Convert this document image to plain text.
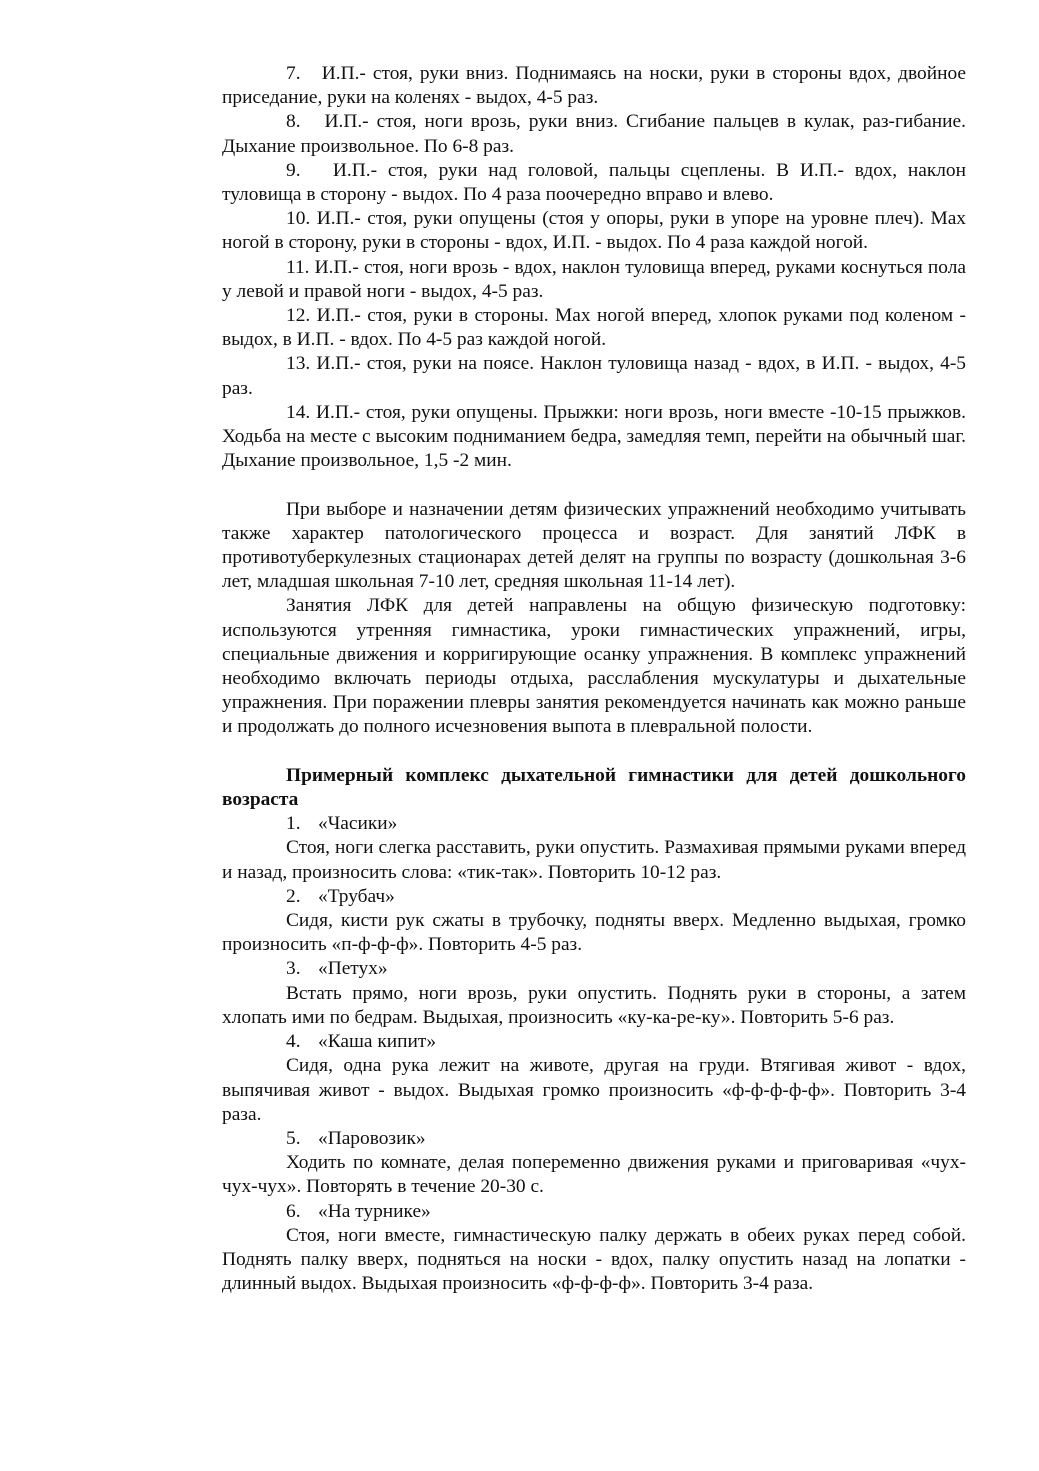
7.   И.П.- стоя, руки вниз. Поднимаясь на носки, руки в стороны вдох, двойное приседание, руки на коленях - выдох, 4-5 раз.

8.   И.П.- стоя, ноги врозь, руки вниз. Сгибание пальцев в кулак, раз-гибание. Дыхание произвольное. По 6-8 раз.

9.   И.П.- стоя, руки над головой, пальцы сцеплены. В И.П.- вдох, наклон туловища в сторону - выдох. По 4 раза поочередно вправо и влево.

10. И.П.- стоя, руки опущены (стоя у опоры, руки в упоре на уровне плеч). Мах ногой в сторону, руки в стороны - вдох, И.П. - выдох. По 4 раза каждой ногой.

11. И.П.- стоя, ноги врозь - вдох, наклон туловища вперед, руками коснуться пола у левой и правой ноги - выдох, 4-5 раз.

12. И.П.- стоя, руки в стороны. Мах ногой вперед, хлопок руками под коленом - выдох, в И.П. - вдох. По 4-5 раз каждой ногой.

13. И.П.- стоя, руки на поясе. Наклон туловища назад - вдох, в И.П. - выдох, 4-5 раз.

14. И.П.- стоя, руки опущены. Прыжки: ноги врозь, ноги вместе -10-15 прыжков. Ходьба на месте с высоким подниманием бедра, замедляя темп, перейти на обычный шаг. Дыхание произвольное, 1,5 -2 мин.

При выборе и назначении детям физических упражнений необходимо учитывать также характер патологического процесса и возраст. Для занятий ЛФК в противотуберкулезных стационарах детей делят на группы по возрасту (дошкольная 3-6 лет, младшая школьная 7-10 лет, средняя школьная 11-14 лет).

Занятия ЛФК для детей направлены на общую физическую подготовку: используются утренняя гимнастика, уроки гимнастических упражнений, игры, специальные движения и корригирующие осанку упражнения. В комплекс упражнений необходимо включать периоды отдыха, расслабления мускулатуры и дыхательные упражнения. При поражении плевры занятия рекомендуется начинать как можно раньше и продолжать до полного исчезновения выпота в плевральной полости.

Примерный комплекс дыхательной гимнастики для детей дошкольного возраста

1. «Часики»

Стоя, ноги слегка расставить, руки опустить. Размахивая прямыми руками вперед и назад, произносить слова: «тик-так». Повторить 10-12 раз.

2. «Трубач»

Сидя, кисти рук сжаты в трубочку, подняты вверх. Медленно выдыхая, громко произносить «п-ф-ф-ф». Повторить 4-5 раз.

3. «Петух»

Встать прямо, ноги врозь, руки опустить. Поднять руки в стороны, а затем хлопать ими по бедрам. Выдыхая, произносить «ку-ка-ре-ку». Повторить 5-6 раз.

4. «Каша кипит»

Сидя, одна рука лежит на животе, другая на груди. Втягивая живот - вдох, выпячивая живот - выдох. Выдыхая громко произносить «ф-ф-ф-ф-ф». Повторить 3-4 раза.

5. «Паровозик»

Ходить по комнате, делая попеременно движения руками и приговаривая «чух-чух-чух». Повторять в течение 20-30 с.

6. «На турнике»

Стоя, ноги вместе, гимнастическую палку держать в обеих руках перед собой. Поднять палку вверх, подняться на носки - вдох, палку опустить назад на лопатки - длинный выдох. Выдыхая произносить «ф-ф-ф-ф». Повторить 3-4 раза.
